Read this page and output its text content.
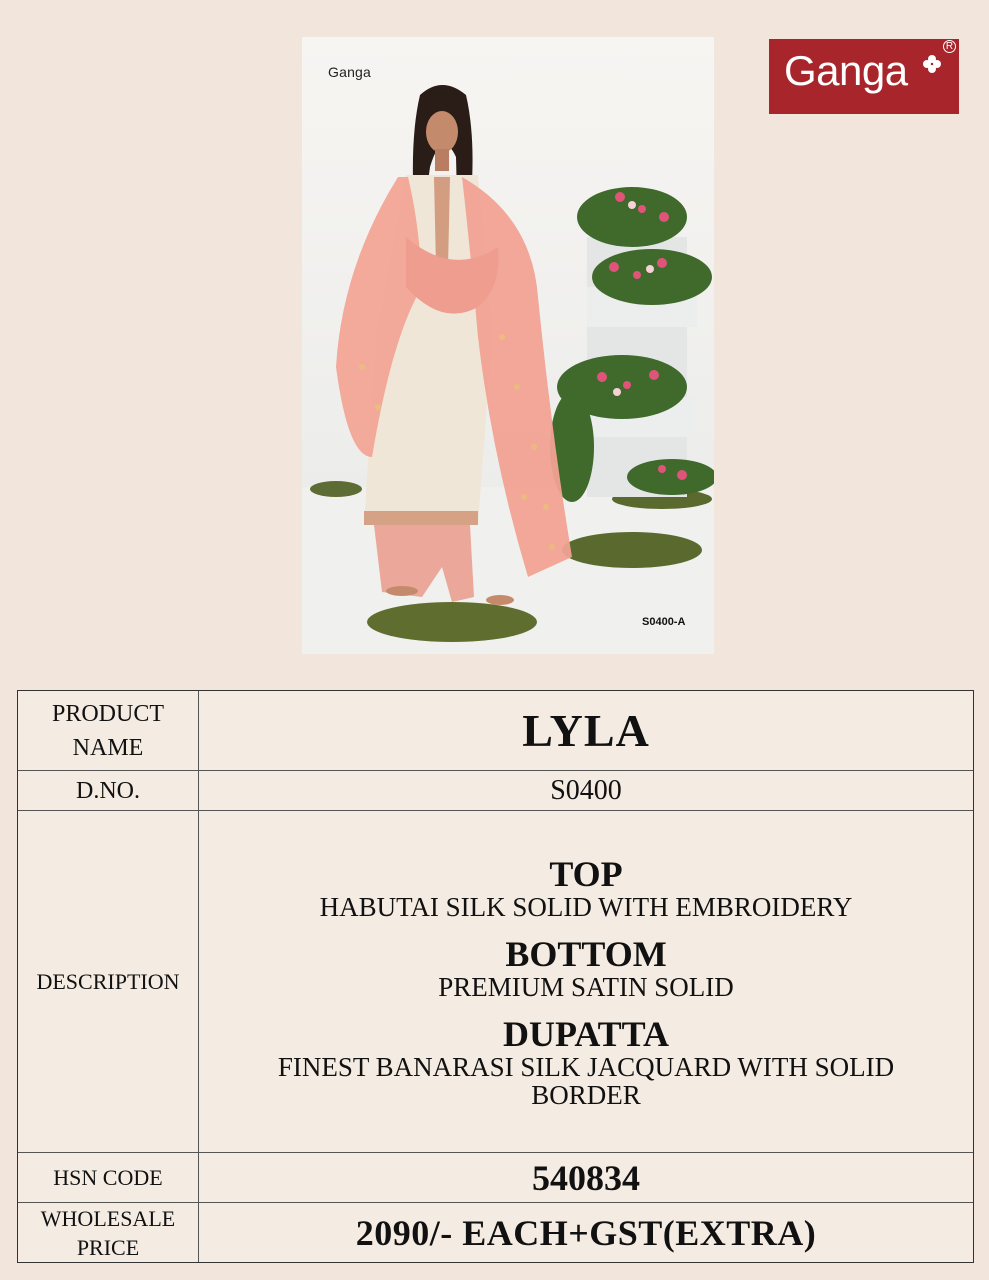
Ganga
S0400-A
Ganga
R
PRODUCT NAME	LYLA
D.NO.	S0400
DESCRIPTION
TOP
HABUTAI SILK SOLID WITH EMBROIDERY
BOTTOM
PREMIUM SATIN SOLID
DUPATTA
FINEST BANARASI SILK JACQUARD WITH SOLID BORDER
HSN CODE	540834
WHOLESALE PRICE	2090/- EACH+GST(EXTRA)
